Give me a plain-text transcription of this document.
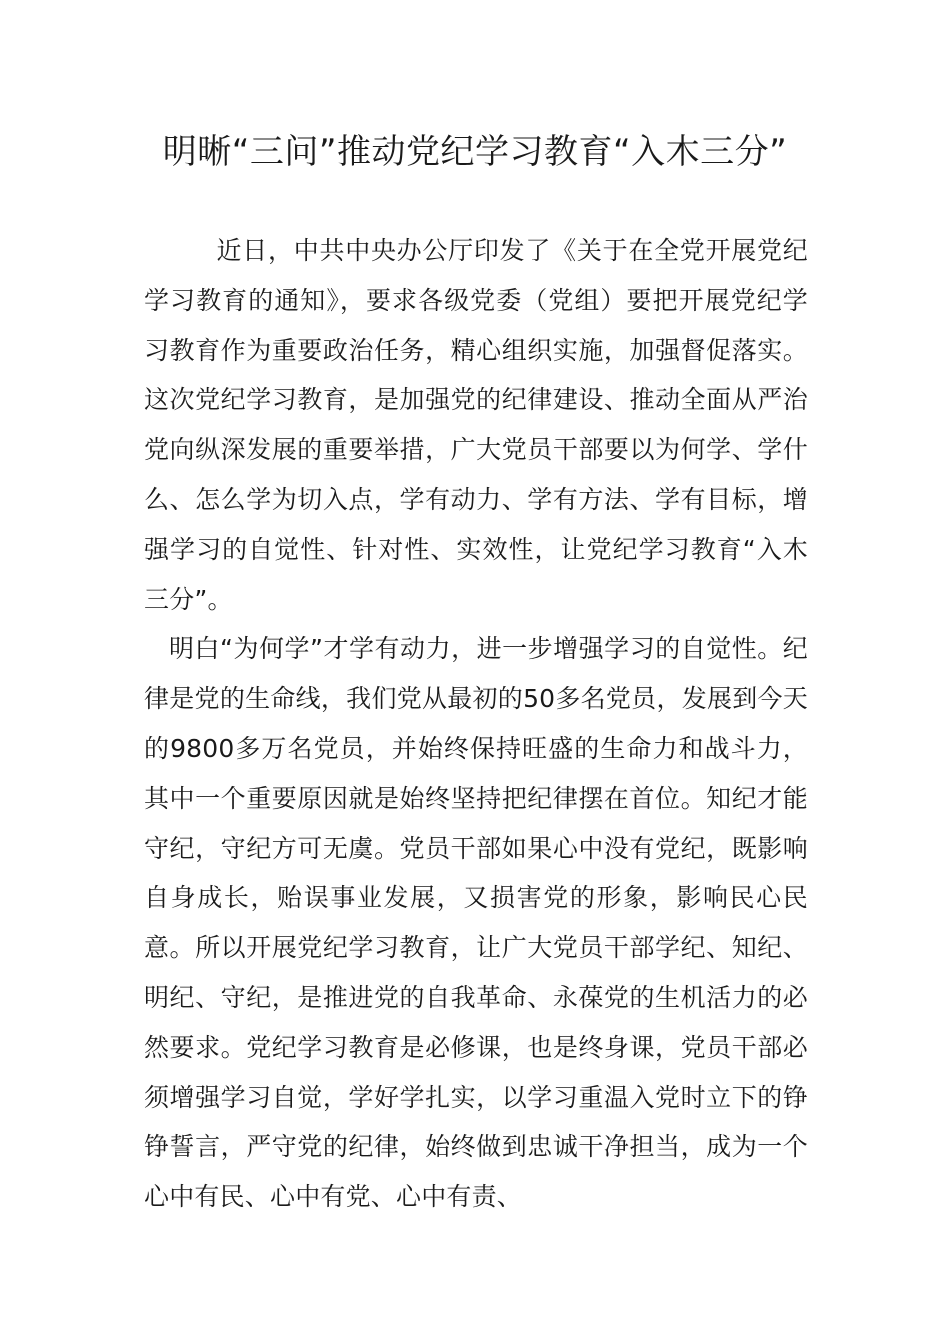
明晰“三问”推动党纪学习教育“入木三分”

近日，中共中央办公厅印发了《关于在全党开展党纪学习教育的通知》，要求各级党委（党组）要把开展党纪学习教育作为重要政治任务，精心组织实施，加强督促落实。这次党纪学习教育，是加强党的纪律建设、推动全面从严治党向纵深发展的重要举措，广大党员干部要以为何学、学什么、怎么学为切入点，学有动力、学有方法、学有目标，增强学习的自觉性、针对性、实效性，让党纪学习教育“入木三分”。

明白“为何学”才学有动力，进一步增强学习的自觉性。纪律是党的生命线，我们党从最初的50多名党员，发展到今天的9800多万名党员，并始终保持旺盛的生命力和战斗力，其中一个重要原因就是始终坚持把纪律摆在首位。知纪才能守纪，守纪方可无虞。党员干部如果心中没有党纪，既影响自身成长，贻误事业发展，又损害党的形象，影响民心民意。所以开展党纪学习教育，让广大党员干部学纪、知纪、明纪、守纪，是推进党的自我革命、永葆党的生机活力的必然要求。党纪学习教育是必修课，也是终身课，党员干部必须增强学习自觉，学好学扎实，以学习重温入党时立下的铮铮誓言，严守党的纪律，始终做到忠诚干净担当，成为一个心中有民、心中有党、心中有责、
